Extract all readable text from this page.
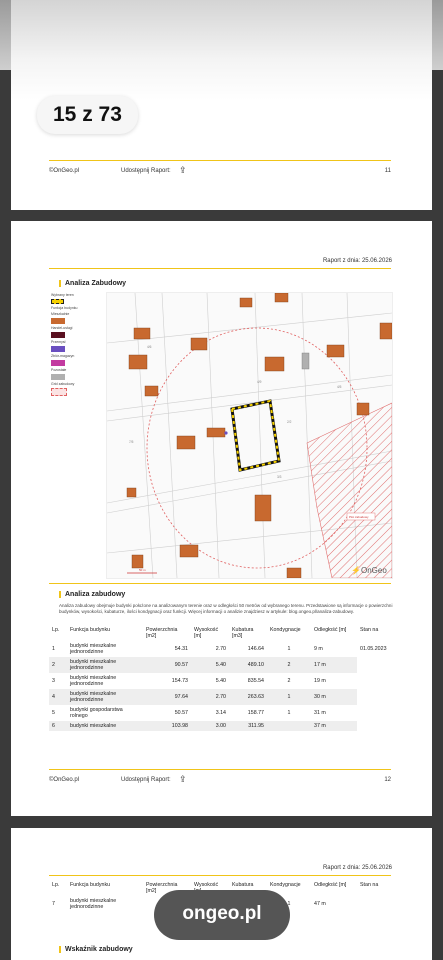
15 z 73
©OnGeo.pl	Udostępnij Raport: ⇪	11
Raport z dnia: 25.06.2026
Analiza Zabudowy
Wybrany teren
Funkcja budynku
Mieszkalnie
Handel-usługi
Przemysł
Zbiór-magazyn
Pozostałe
Grid zabudowy
4/6
4/9
2/2
7/5
3/3
4/5
Plot zabudowy
50 m	⚡OnGeo
Analiza zabudowy
Analiza zabudowy obejmuje budynki położone na analizowanym terenie oraz w odległości 50 metrów od wybranego terenu. Przedstawione są informacje o powierzchni budynków, wysokości, kubaturze, ilości kondygnacji oraz funkcji. Więcej informacji o analizie znajdziesz w artykule: blog.ongeo.pl/analiza-zabudowy.
Lp.	Funkcja budynku	Powierzchnia [m2]	Wysokość [m]	Kubatura [m3]	Kondygnacje	Odległość [m]	Stan na
1	budynki mieszkalne jednorodzinne	54.31	2.70	146.64	1	9 m	01.05.2023
2	budynki mieszkalne jednorodzinne	90.57	5.40	489.10	2	17 m	
3	budynki mieszkalne jednorodzinne	154.73	5.40	835.54	2	19 m	
4	budynki mieszkalne jednorodzinne	97.64	2.70	263.63	1	30 m	
5	budynki gospodarstwa rolnego	50.57	3.14	158.77	1	31 m	
6	budynki mieszkalne	103.98	3.00	311.95		37 m	
©OnGeo.pl	Udostępnij Raport: ⇪	12
Raport z dnia: 25.06.2026
Lp.	Funkcja budynku	Powierzchnia [m2]	Wysokość	Kubatura	Kondygnacje	Odległość [m]	Stan na
7	budynki mieszkalne jednorodzinne				1	47 m	
Wskaźnik zabudowy
ongeo.pl
